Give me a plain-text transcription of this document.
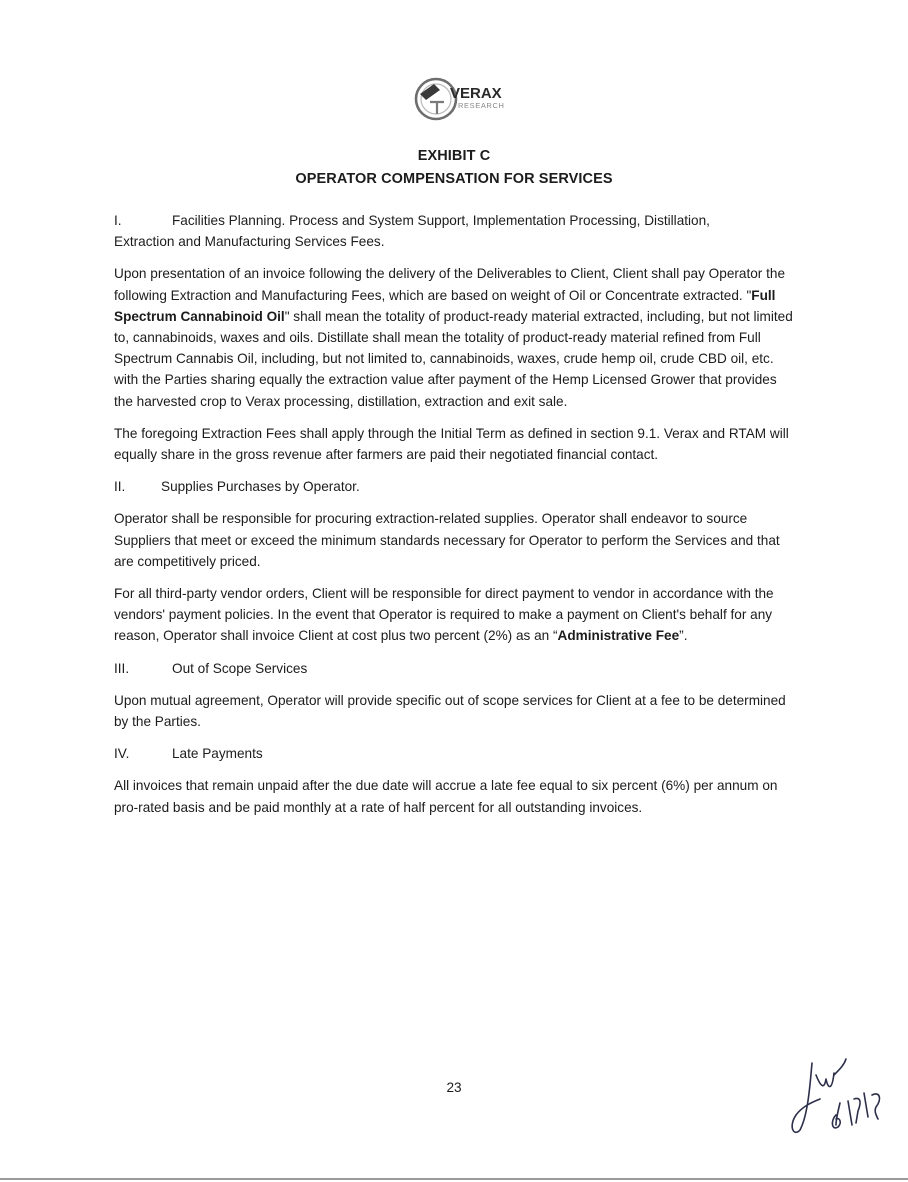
VERAX
RESEARCH
EXHIBIT C
OPERATOR COMPENSATION FOR SERVICES
I.	Facilities Planning. Process and System Support, Implementation Processing, Distillation,
Extraction and Manufacturing Services Fees.

Upon presentation of an invoice following the delivery of the Deliverables to Client, Client shall pay Operator the following Extraction and Manufacturing Fees, which are based on weight of Oil or Concentrate extracted. "Full Spectrum Cannabinoid Oil" shall mean the totality of product-ready material extracted, including, but not limited to, cannabinoids, waxes and oils. Distillate shall mean the totality of product-ready material refined from Full Spectrum Cannabis Oil, including, but not limited to, cannabinoids, waxes, crude hemp oil, crude CBD oil, etc. with the Parties sharing equally the extraction value after payment of the Hemp Licensed Grower that provides the harvested crop to Verax processing, distillation, extraction and exit sale.

The foregoing Extraction Fees shall apply through the Initial Term as defined in section 9.1. Verax and RTAM will equally share in the gross revenue after farmers are paid their negotiated financial contact.

II.	Supplies Purchases by Operator.

Operator shall be responsible for procuring extraction-related supplies. Operator shall endeavor to source Suppliers that meet or exceed the minimum standards necessary for Operator to perform the Services and that are competitively priced.

For all third-party vendor orders, Client will be responsible for direct payment to vendor in accordance with the vendors' payment policies. In the event that Operator is required to make a payment on Client's behalf for any reason, Operator shall invoice Client at cost plus two percent (2%) as an “Administrative Fee”.

III.	Out of Scope Services

Upon mutual agreement, Operator will provide specific out of scope services for Client at a fee to be determined by the Parties.

IV.	Late Payments

All invoices that remain unpaid after the due date will accrue a late fee equal to six percent (6%) per annum on pro-rated basis and be paid monthly at a rate of half percent for all outstanding invoices.

23
